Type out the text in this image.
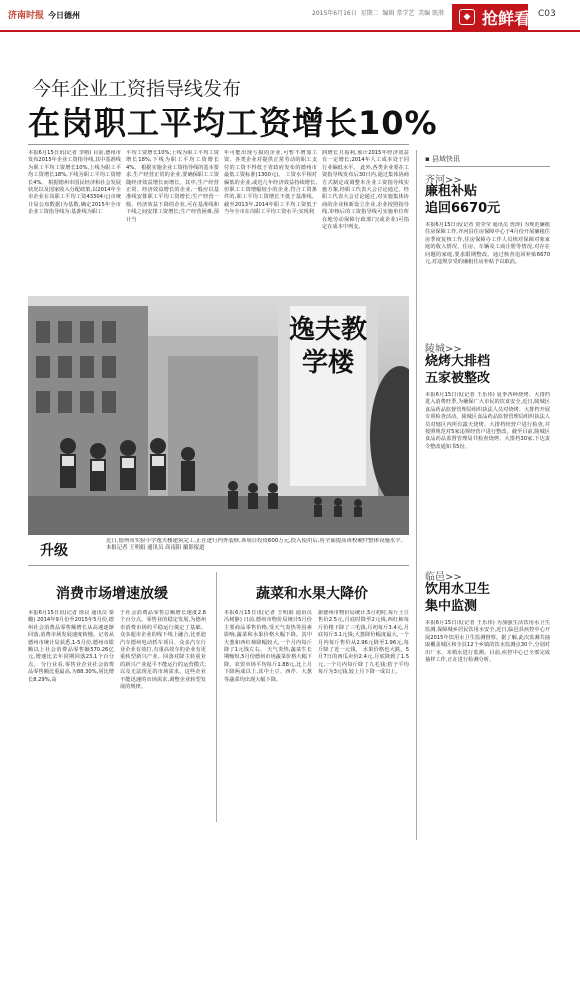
济南时报 今日德州	2015年6月16日 星期二 编辑 常学艺 美编 凯胜	◆ 抢鲜看 C03
今年企业工资指导线发布
在岗职工平均工资增长10%
本报6月15日讯(记者 李榕) 目前,德州市发布2015年企业工资指导线,其中基准线为职工平均工资增长10%,上线为职工平均工资增长18%,下线为职工平均工资增长4%。 根据德州市国民经济和社会发展状况以及国家收入分配政策,以2014年全市企业在岗职工平均工资43304元(市统计局公布数据)为基数,确定2015年全市企业工资指导线为:基准线为职工
平均工资增长10%;上线为职工平均工资增长18%;下线为职工平均工资增长4%。 根据实施企业工资指导线的基本要求,生产经营正常的企业,要确保职工工资随经济效益增长而增长。其中,生产经营正常、经济效益增长的企业,一般应以基准线安排职工平均工资增长;生产经营一般、经济效益下降的企业,可在基准线和下线之间安排工资增长;生产经营困难,预计当
年可能出现亏损的企业,可暂不增加工资。各类企业对提供正常劳动的职工支付的工资不得低于省政府发布的德州市最低工资标准(1300元)。 工资水平相对偏低的企业,或近几年经济效益持续增长,但职工工资增幅较小的企业,符合工资条件的,职工平均工资增长不低于基准线。截至2013年,2014年职工平均工资低于当年全市在岗职工平均工资水平;实现利
润增长且盈利,预计2015年经济效益有一定增长;2014年人工成本处于同行业偏低水平。 此外,各类企业要在工资指导线发布后30日内,通过集体协商方式制定或调整本企业工资指导线实施方案,经职工代表大会讨论通过。经职工代表大会讨论通过,对实施集体协商的企业和新设立企业,企业按照指导线,审核后的工资指导线可实施单位所在地劳动保障行政部门(或企业)可指定在成本中列支。
逸夫教学楼
升级
近日,德州市实验小学逸夫楼建筑完工,正在进行内外装修,该项目投资600万元,投入使用后,将全面提高该校硬件整体设施水平。 本报记者 王明娟 通讯员 高南阳 摄影报道
消费市场增速放缓
本报6月15日讯(记者 徐良 通讯员 秦璐) 2014年9月份至2015年5月份,德州社会消费品零售额增长从高速逐渐回落,消费市场发展速度转慢。记者从德州市统计局获悉,1-5月份,德州市限额以上社会消费品零售额570.26亿元,增速比去年同期回落23.1个百分点。 分行业看,零售业企业社会消费品零售额比重最高,为88.30%,同比增长8.29%,高
于社会消费品零售总额增长速度2.8个百分点。零售业的稳定发展,为德州市消费市场的平稳运行奠定了基础。 众多超市企业的线下线上融合,比亚迪汽车德州电动轿车项目、众多汽车行业企业有效打,有重高效车的企业有更重转型新兴产业、回落对降主转重业的新兴产业起平不能运行的运营模式;以及无法现足的市场需求。这些企业不能迅速的市场需求,调整企业转型发展的规律。
蔬菜和水果大降价
本报6月15日讯(记者 王明娟 通讯员 冯树静) 日前,德州市物价局统计5月份主要商品零售价格,受天气炎热等因素影响,蔬菜和水果价格大幅下降。其中大葱和西红柿降幅较大,一个月内每斤降了1元钱左右。 天气炎热,蔬菜生长期缩短,5月份德州市场蔬菜价格大幅下降。农贸市场平均每斤1.88元,比上月下降两成以上,其中土豆、西芹、大葱等蔬菜均出现大幅下降。
据德州市物价局统计,5月初时,每斤土豆售价2.5元,月底时降至2元钱,西红柿每斤价格下降了三毛钱,月初每斤3.4元,月底每斤3.1元钱;大葱降价幅度最大,一个月内每斤售价从2.96元降至1.96元,每斤降了近一元钱。 水果价格也大跌。5月7日的西瓜卖价2.4元,月底降到了1.5元,一个月内每斤降了九毛钱;桔子平均每斤为3元钱,较上月下降一成以上。
▪ 县域快讯
齐河>>
廉租补贴
追回6670元
本报6月15日讯(记者 贺莹莹 通讯员 詹涛) 为规范廉租住房保障工作,齐河县住房保障中心于4月份开展廉租住房季度复核工作,住房保障办工作人员核对保障对象家庭的收入情况、住房、车辆及工商注册等情况,对存在问题的家庭,要求限期整改。通过核查追回补贴6670元,对违规享受的廉租住房补贴予以取消。
陵城>>
烧烤大排档
五家被整改
本报6月15日讯(记者 王乐伟) 夏季各种烧烤、大排档进入消费旺季,为确保广大市民的饮食安全,近日,陵城区食品药品监督管理局组织执法人员对烧烤、大排档开展专项检查活动。陵城区食品药品监督管理局组织执法人员对辖区内所有露天烧烤、大排档经营户进行检查,并按照规范对5家违规经营户进行整改。截至目前,陵城区食品药品监督管理局共检查烧烤、大排档30家,下达责令整改通知书5份。
临邑>>
饮用水卫生
集中监测
本报6月15日讯(记者 王乐伟) 为加强生活饮用水卫生监测,保障城乡居民饮用水安全,近日,临邑县疾控中心开展2015年饮用水卫生监测督察。据了解,此次监测共抽取覆盖城区和全县12个乡镇的饮水监测点30个,分别对出厂水、末梢水进行监测。目前,疾控中心已全部完成抽样工作,正在进行检测分析。
